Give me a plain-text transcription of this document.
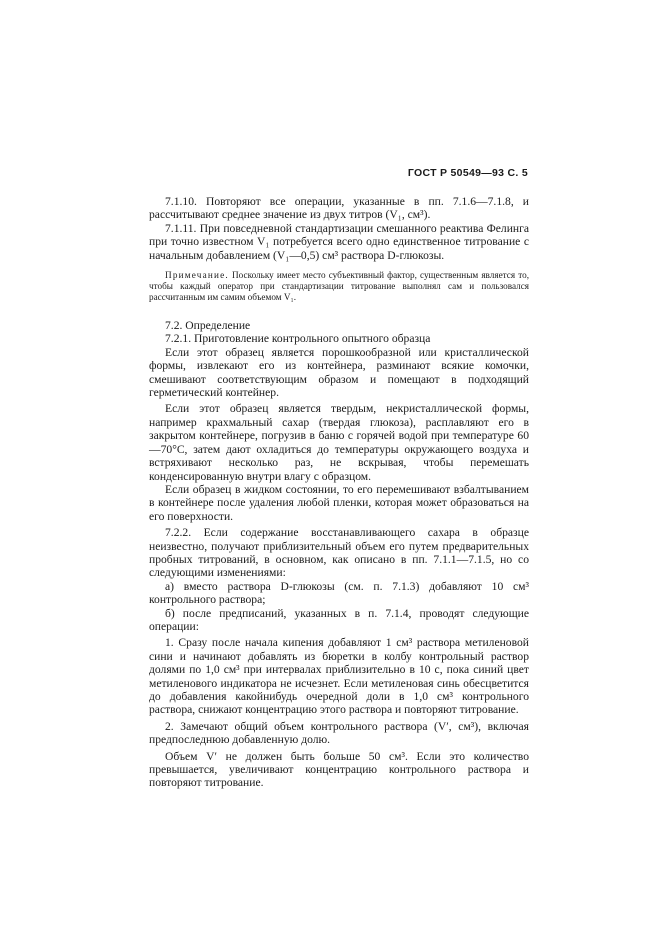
ГОСТ Р 50549—93 С. 5

7.1.10. Повторяют все операции, указанные в пп. 7.1.6—7.1.8, и рассчитывают среднее значение из двух титров (V₁, см³).

7.1.11. При повседневной стандартизации смешанного реактива Фелинга при точно известном V₁ потребуется всего одно единственное титрование с начальным добавлением (V₁—0,5) см³ раствора D-глюкозы.

Примечание. Поскольку имеет место субъективный фактор, существенным является то, чтобы каждый оператор при стандартизации титрование выполнял сам и пользовался рассчитанным им самим объемом V₁.

7.2. Определение

7.2.1. Приготовление контрольного опытного образца

Если этот образец является порошкообразной или кристаллической формы, извлекают его из контейнера, разминают всякие комочки, смешивают соответствующим образом и помещают в подходящий герметический контейнер.

Если этот образец является твердым, некристаллической формы, например крахмальный сахар (твердая глюкоза), расплавляют его в закрытом контейнере, погрузив в баню с горячей водой при температуре 60—70°С, затем дают охладиться до температуры окружающего воздуха и встряхивают несколько раз, не вскрывая, чтобы перемешать конденсированную внутри влагу с образцом.

Если образец в жидком состоянии, то его перемешивают взбалтыванием в контейнере после удаления любой пленки, которая может образоваться на его поверхности.

7.2.2. Если содержание восстанавливающего сахара в образце неизвестно, получают приблизительный объем его путем предварительных пробных титрований, в основном, как описано в пп. 7.1.1—7.1.5, но со следующими изменениями:

а) вместо раствора D-глюкозы (см. п. 7.1.3) добавляют 10 см³ контрольного раствора;

б) после предписаний, указанных в п. 7.1.4, проводят следующие операции:

1. Сразу после начала кипения добавляют 1 см³ раствора метиленовой сини и начинают добавлять из бюретки в колбу контрольный раствор долями по 1,0 см³ при интервалах приблизительно в 10 с, пока синий цвет метиленового индикатора не исчезнет. Если метиленовая синь обесцветится до добавления какойнибудь очередной доли в 1,0 см³ контрольного раствора, снижают концентрацию этого раствора и повторяют титрование.

2. Замечают общий объем контрольного раствора (V′, см³), включая предпоследнюю добавленную долю.

Объем V′ не должен быть больше 50 см³. Если это количество превышается, увеличивают концентрацию контрольного раствора и повторяют титрование.
